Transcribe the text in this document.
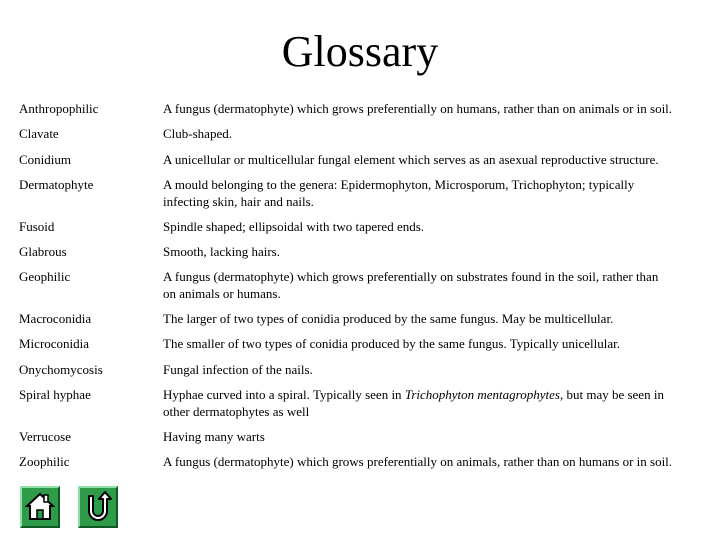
Glossary
Anthropophilic	A fungus (dermatophyte) which grows preferentially on humans, rather than on animals or in soil.
Clavate	Club-shaped.
Conidium	A unicellular or multicellular fungal element which serves as an asexual reproductive structure.
Dermatophyte	A mould belonging to the genera: Epidermophyton, Microsporum, Trichophyton; typically
infecting skin, hair and nails.
Fusoid	Spindle shaped; ellipsoidal with two tapered ends.
Glabrous	Smooth, lacking hairs.
Geophilic	A fungus (dermatophyte) which grows preferentially on substrates found in the soil, rather than
on animals or humans.
Macroconidia	The larger of two types of conidia produced by the same fungus. May be multicellular.
Microconidia	The smaller of two types of conidia produced by the same fungus. Typically unicellular.
Onychomycosis	Fungal infection of the nails.
Spiral hyphae	Hyphae curved into a spiral. Typically seen in Trichophyton mentagrophytes, but may be seen in
other dermatophytes as well
Verrucose	Having many warts
Zoophilic	A fungus (dermatophyte) which grows preferentially on animals, rather than on humans or in soil.
